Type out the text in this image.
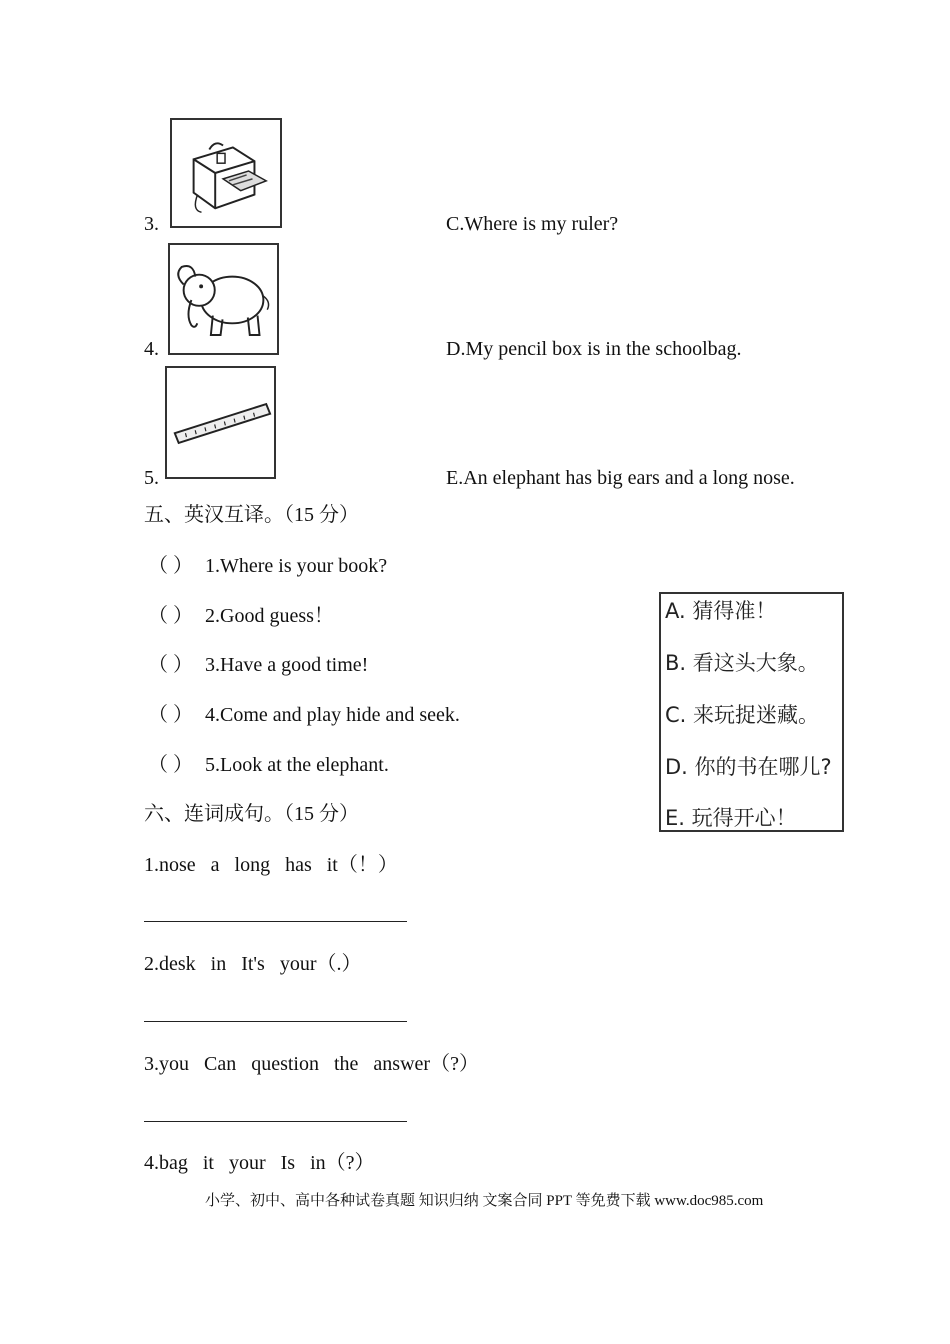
3.	C.Where is my ruler?
4.	D.My pencil box is in the schoolbag.
5.	E.An elephant has big ears and a long nose.
五、英汉互译。（15 分）
（ ） 1.Where is your book?
（ ） 2.Good guess！
（ ） 3.Have a good time!
（ ） 4.Come and play hide and seek.
（ ） 5.Look at the elephant.
A. 猜得准！
B. 看这头大象。
C. 来玩捉迷藏。
D. 你的书在哪儿?
E. 玩得开心！
六、连词成句。（15 分）
1.nose a long has it（！）
2.desk in It's your（.）
3.you Can question the answer（?）
4.bag it your Is in（?）
小学、初中、高中各种试卷真题 知识归纳 文案合同 PPT 等免费下载 www.doc985.com
